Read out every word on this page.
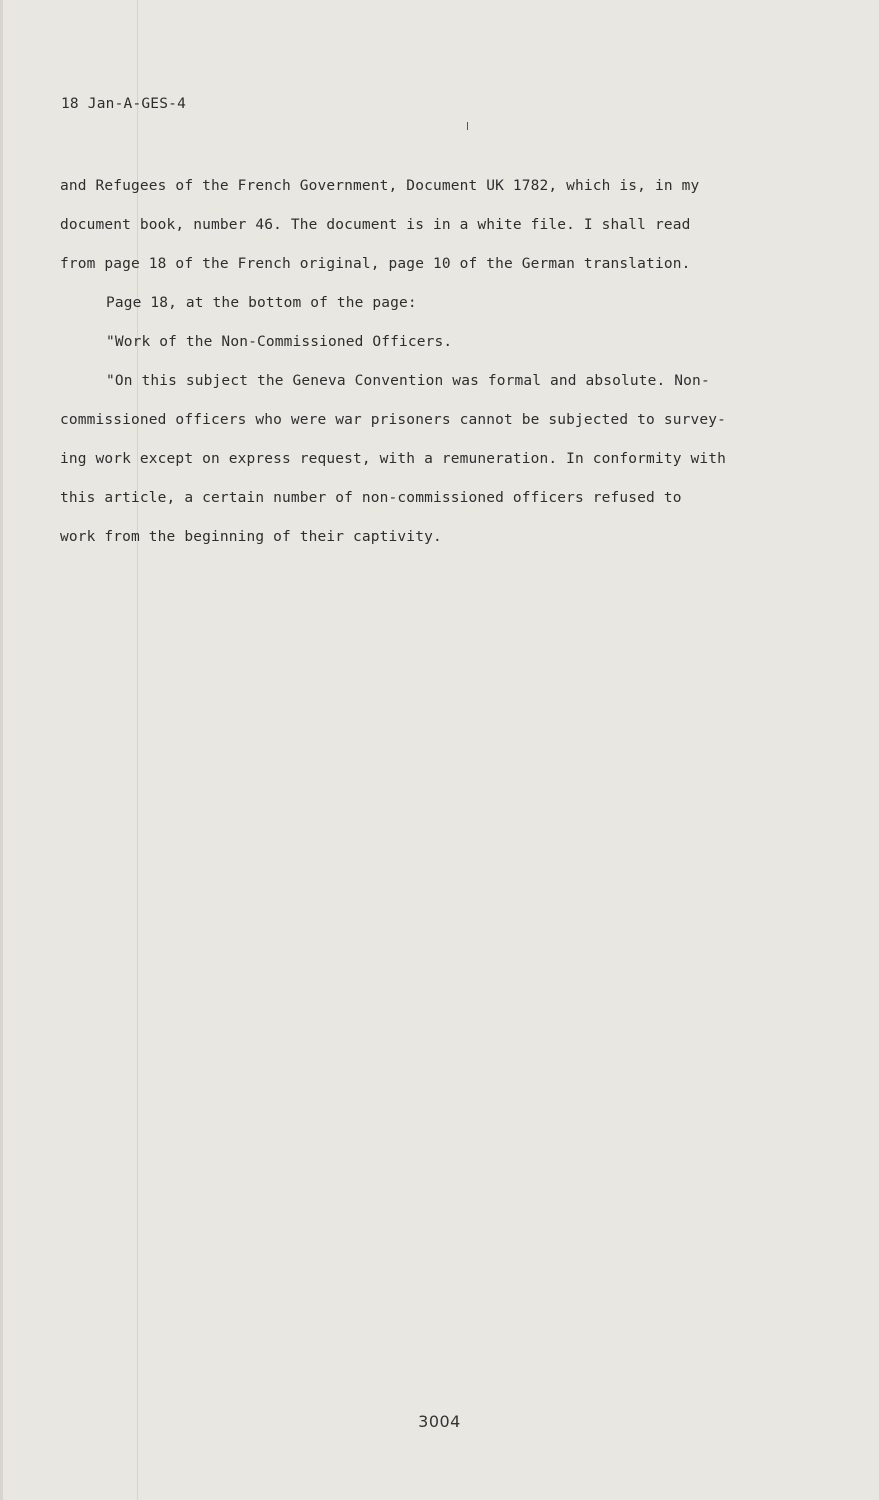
18 Jan-A-GES-4
and Refugees of the French Government, Document UK 1782, which is, in my
document book, number 46. The document is in a white file. I shall read
from page 18 of the French original, page 10 of the German translation.
Page 18, at the bottom of the page:
"Work of the Non-Commissioned Officers.
"On this subject the Geneva Convention was formal and absolute. Non-
commissioned officers who were war prisoners cannot be subjected to survey-
ing work except on express request, with a remuneration. In conformity with
this article, a certain number of non-commissioned officers refused to
work from the beginning of their captivity.
3004
